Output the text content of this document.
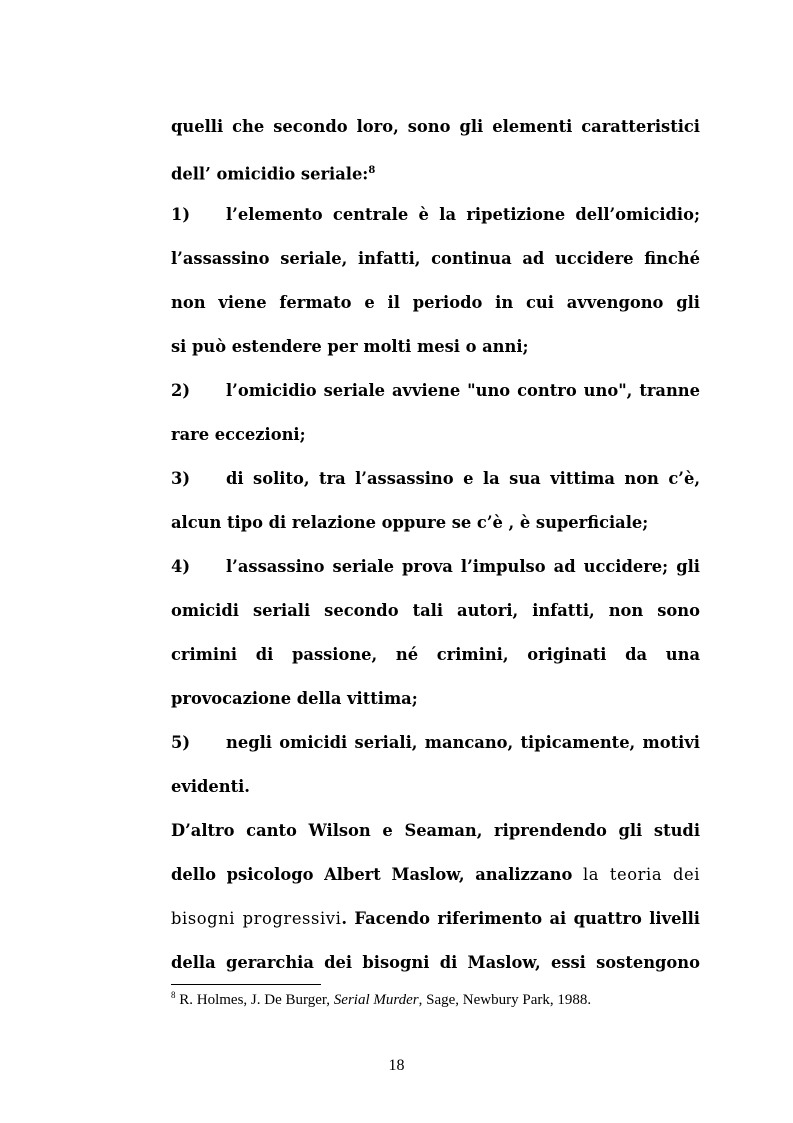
quelli che secondo loro, sono gli elementi caratteristici
dell’ omicidio seriale:$^8$
1) l’elemento centrale è la ripetizione dell’omicidio;
l’assassino seriale, infatti, continua ad uccidere finché
non viene fermato e il periodo in cui avvengono gli
si può estendere per molti mesi o anni;
2) l’omicidio seriale avviene "uno contro uno", tranne
rare eccezioni;
3) di solito, tra l’assassino e la sua vittima non c’è,
alcun tipo di relazione oppure se c’è , è superficiale;
4) l’assassino seriale prova l’impulso ad uccidere; gli
omicidi seriali secondo tali autori, infatti, non sono
crimini di passione, né crimini, originati da una
provocazione della vittima;
5) negli omicidi seriali, mancano, tipicamente, motivi
evidenti.
D’altro canto Wilson e Seaman, riprendendo gli studi
dello psicologo Albert Maslow, analizzano la teoria dei
bisogni progressivi. Facendo riferimento ai quattro livelli
della gerarchia dei bisogni di Maslow, essi sostengono
$^8$ R. Holmes, J. De Burger, Serial Murder, Sage, Newbury Park, 1988.
18
